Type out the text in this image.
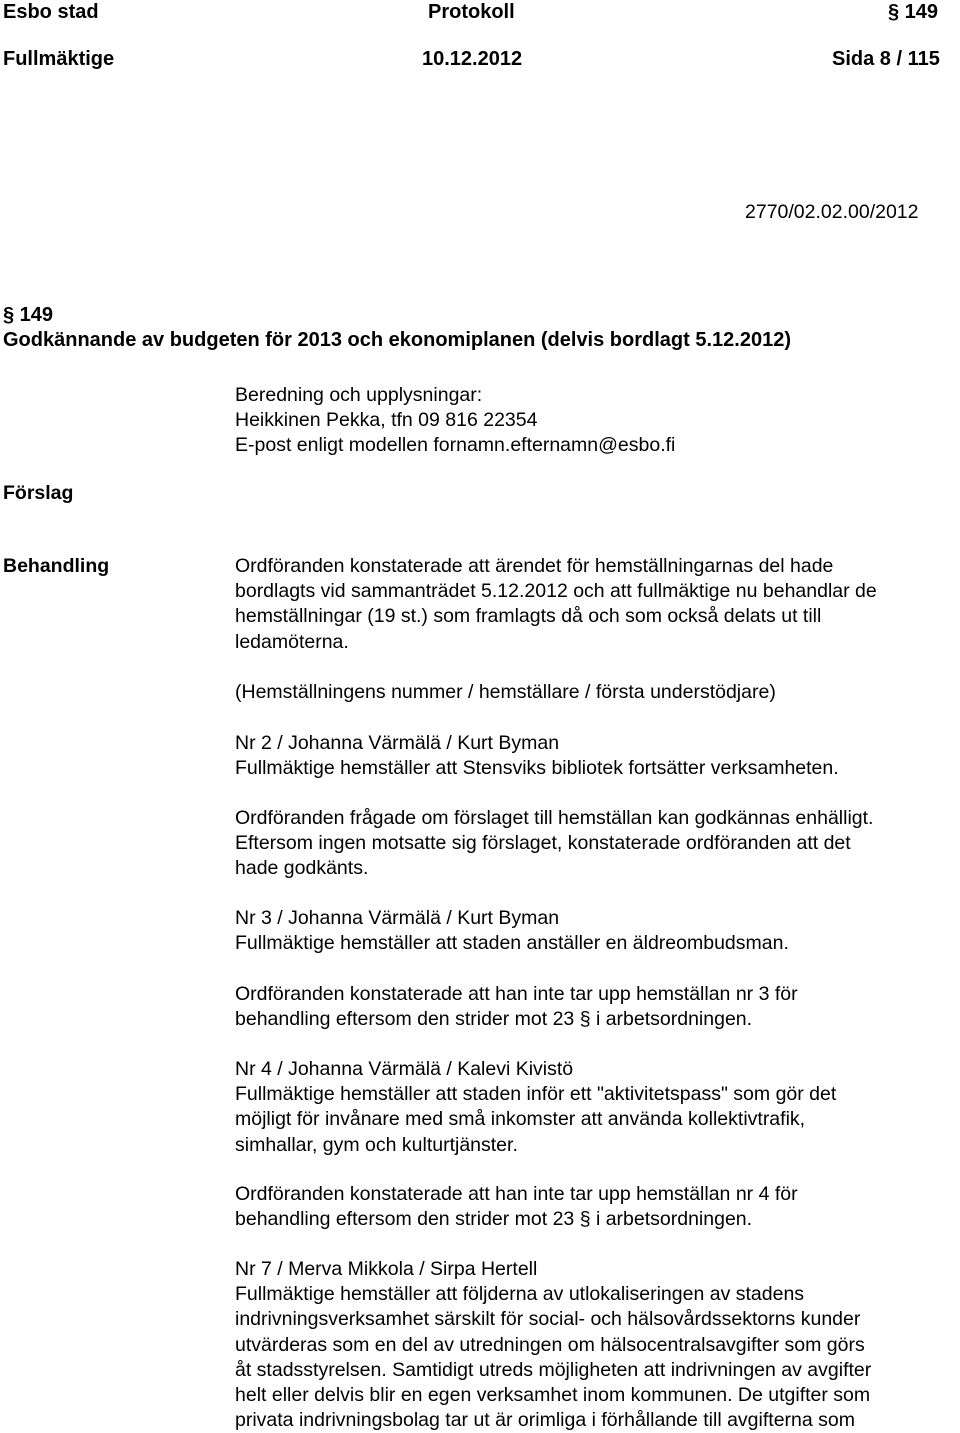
Esbo stad	Protokoll	§ 149
Fullmäktige	10.12.2012	Sida 8 / 115
2770/02.02.00/2012
§ 149
Godkännande av budgeten för 2013 och ekonomiplanen (delvis bordlagt 5.12.2012)
Beredning och upplysningar:
Heikkinen Pekka, tfn 09 816 22354
E-post enligt modellen fornamn.efternamn@esbo.fi
Förslag
Behandling	Ordföranden konstaterade att ärendet för hemställningarnas del hade
bordlagts vid sammanträdet 5.12.2012 och att fullmäktige nu behandlar de
hemställningar (19 st.) som framlagts då och som också delats ut till
ledamöterna.
(Hemställningens nummer / hemställare / första understödjare)
Nr 2 / Johanna Värmälä / Kurt Byman
Fullmäktige hemställer att Stensviks bibliotek fortsätter verksamheten.
Ordföranden frågade om förslaget till hemställan kan godkännas enhälligt.
Eftersom ingen motsatte sig förslaget, konstaterade ordföranden att det
hade godkänts.
Nr 3 / Johanna Värmälä / Kurt Byman
Fullmäktige hemställer att staden anställer en äldreombudsman.
Ordföranden konstaterade att han inte tar upp hemställan nr 3 för
behandling eftersom den strider mot 23 § i arbetsordningen.
Nr 4 / Johanna Värmälä / Kalevi Kivistö
Fullmäktige hemställer att staden inför ett "aktivitetspass" som gör det
möjligt för invånare med små inkomster att använda kollektivtrafik,
simhallar, gym och kulturtjänster.
Ordföranden konstaterade att han inte tar upp hemställan nr 4 för
behandling eftersom den strider mot 23 § i arbetsordningen.
Nr 7 / Merva Mikkola / Sirpa Hertell
Fullmäktige hemställer att följderna av utlokaliseringen av stadens
indrivningsverksamhet särskilt för social- och hälsovårdssektorns kunder
utvärderas som en del av utredningen om hälsocentralsavgifter som görs
åt stadsstyrelsen. Samtidigt utreds möjligheten att indrivningen av avgifter
helt eller delvis blir en egen verksamhet inom kommunen. De utgifter som
privata indrivningsbolag tar ut är orimliga i förhållande till avgifterna som
